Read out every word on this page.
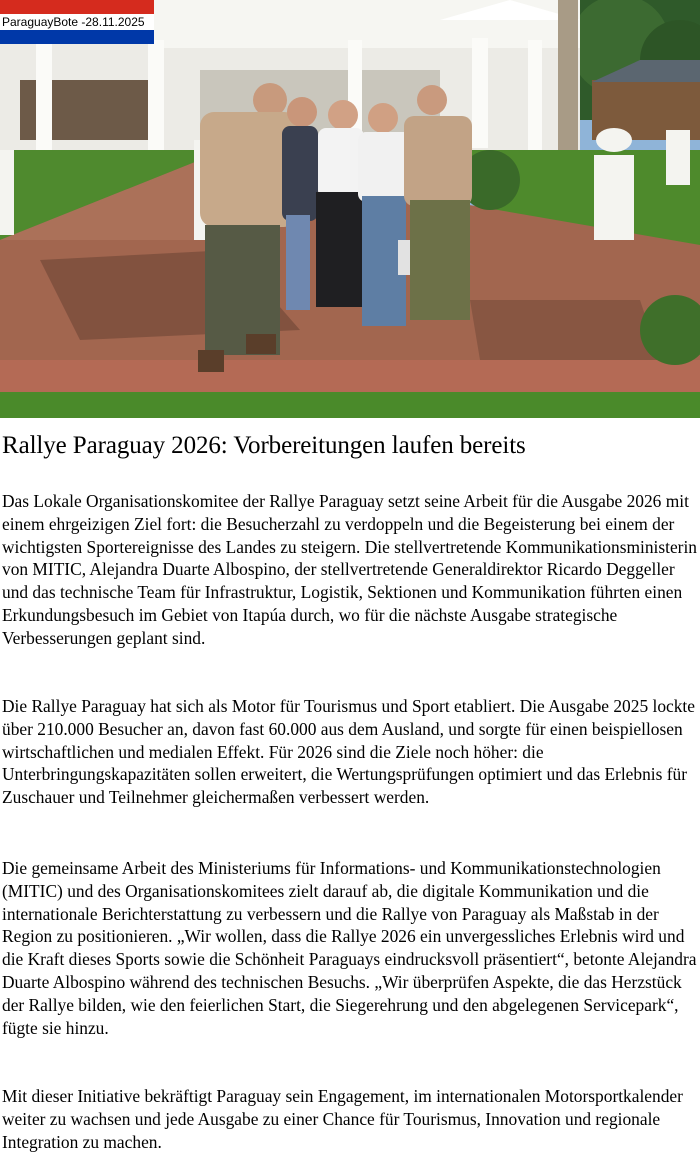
ParaguayBote -28.11.2025
Rallye Paraguay 2026: Vorbereitungen laufen bereits

Das Lokale Organisationskomitee der Rallye Paraguay setzt seine Arbeit für die Ausgabe 2026 mit einem ehrgeizigen Ziel fort: die Besucherzahl zu verdoppeln und die Begeisterung bei einem der wichtigsten Sportereignisse des Landes zu steigern. Die stellvertretende Kommunikationsministerin von MITIC, Alejandra Duarte Albospino, der stellvertretende Generaldirektor Ricardo Deggeller und das technische Team für Infrastruktur, Logistik, Sektionen und Kommunikation führten einen Erkundungsbesuch im Gebiet von Itapúa durch, wo für die nächste Ausgabe strategische Verbesserungen geplant sind.

Die Rallye Paraguay hat sich als Motor für Tourismus und Sport etabliert. Die Ausgabe 2025 lockte über 210.000 Besucher an, davon fast 60.000 aus dem Ausland, und sorgte für einen beispiellosen wirtschaftlichen und medialen Effekt. Für 2026 sind die Ziele noch höher: die Unterbringungskapazitäten sollen erweitert, die Wertungsprüfungen optimiert und das Erlebnis für Zuschauer und Teilnehmer gleichermaßen verbessert werden.

Die gemeinsame Arbeit des Ministeriums für Informations- und Kommunikationstechnologien (MITIC) und des Organisationskomitees zielt darauf ab, die digitale Kommunikation und die internationale Berichterstattung zu verbessern und die Rallye von Paraguay als Maßstab in der Region zu positionieren. „Wir wollen, dass die Rallye 2026 ein unvergessliches Erlebnis wird und die Kraft dieses Sports sowie die Schönheit Paraguays eindrucksvoll präsentiert“, betonte Alejandra Duarte Albospino während des technischen Besuchs. „Wir überprüfen Aspekte, die das Herzstück der Rallye bilden, wie den feierlichen Start, die Siegerehrung und den abgelegenen Servicepark“, fügte sie hinzu.

Mit dieser Initiative bekräftigt Paraguay sein Engagement, im internationalen Motorsportkalender weiter zu wachsen und jede Ausgabe zu einer Chance für Tourismus, Innovation und regionale Integration zu machen.
